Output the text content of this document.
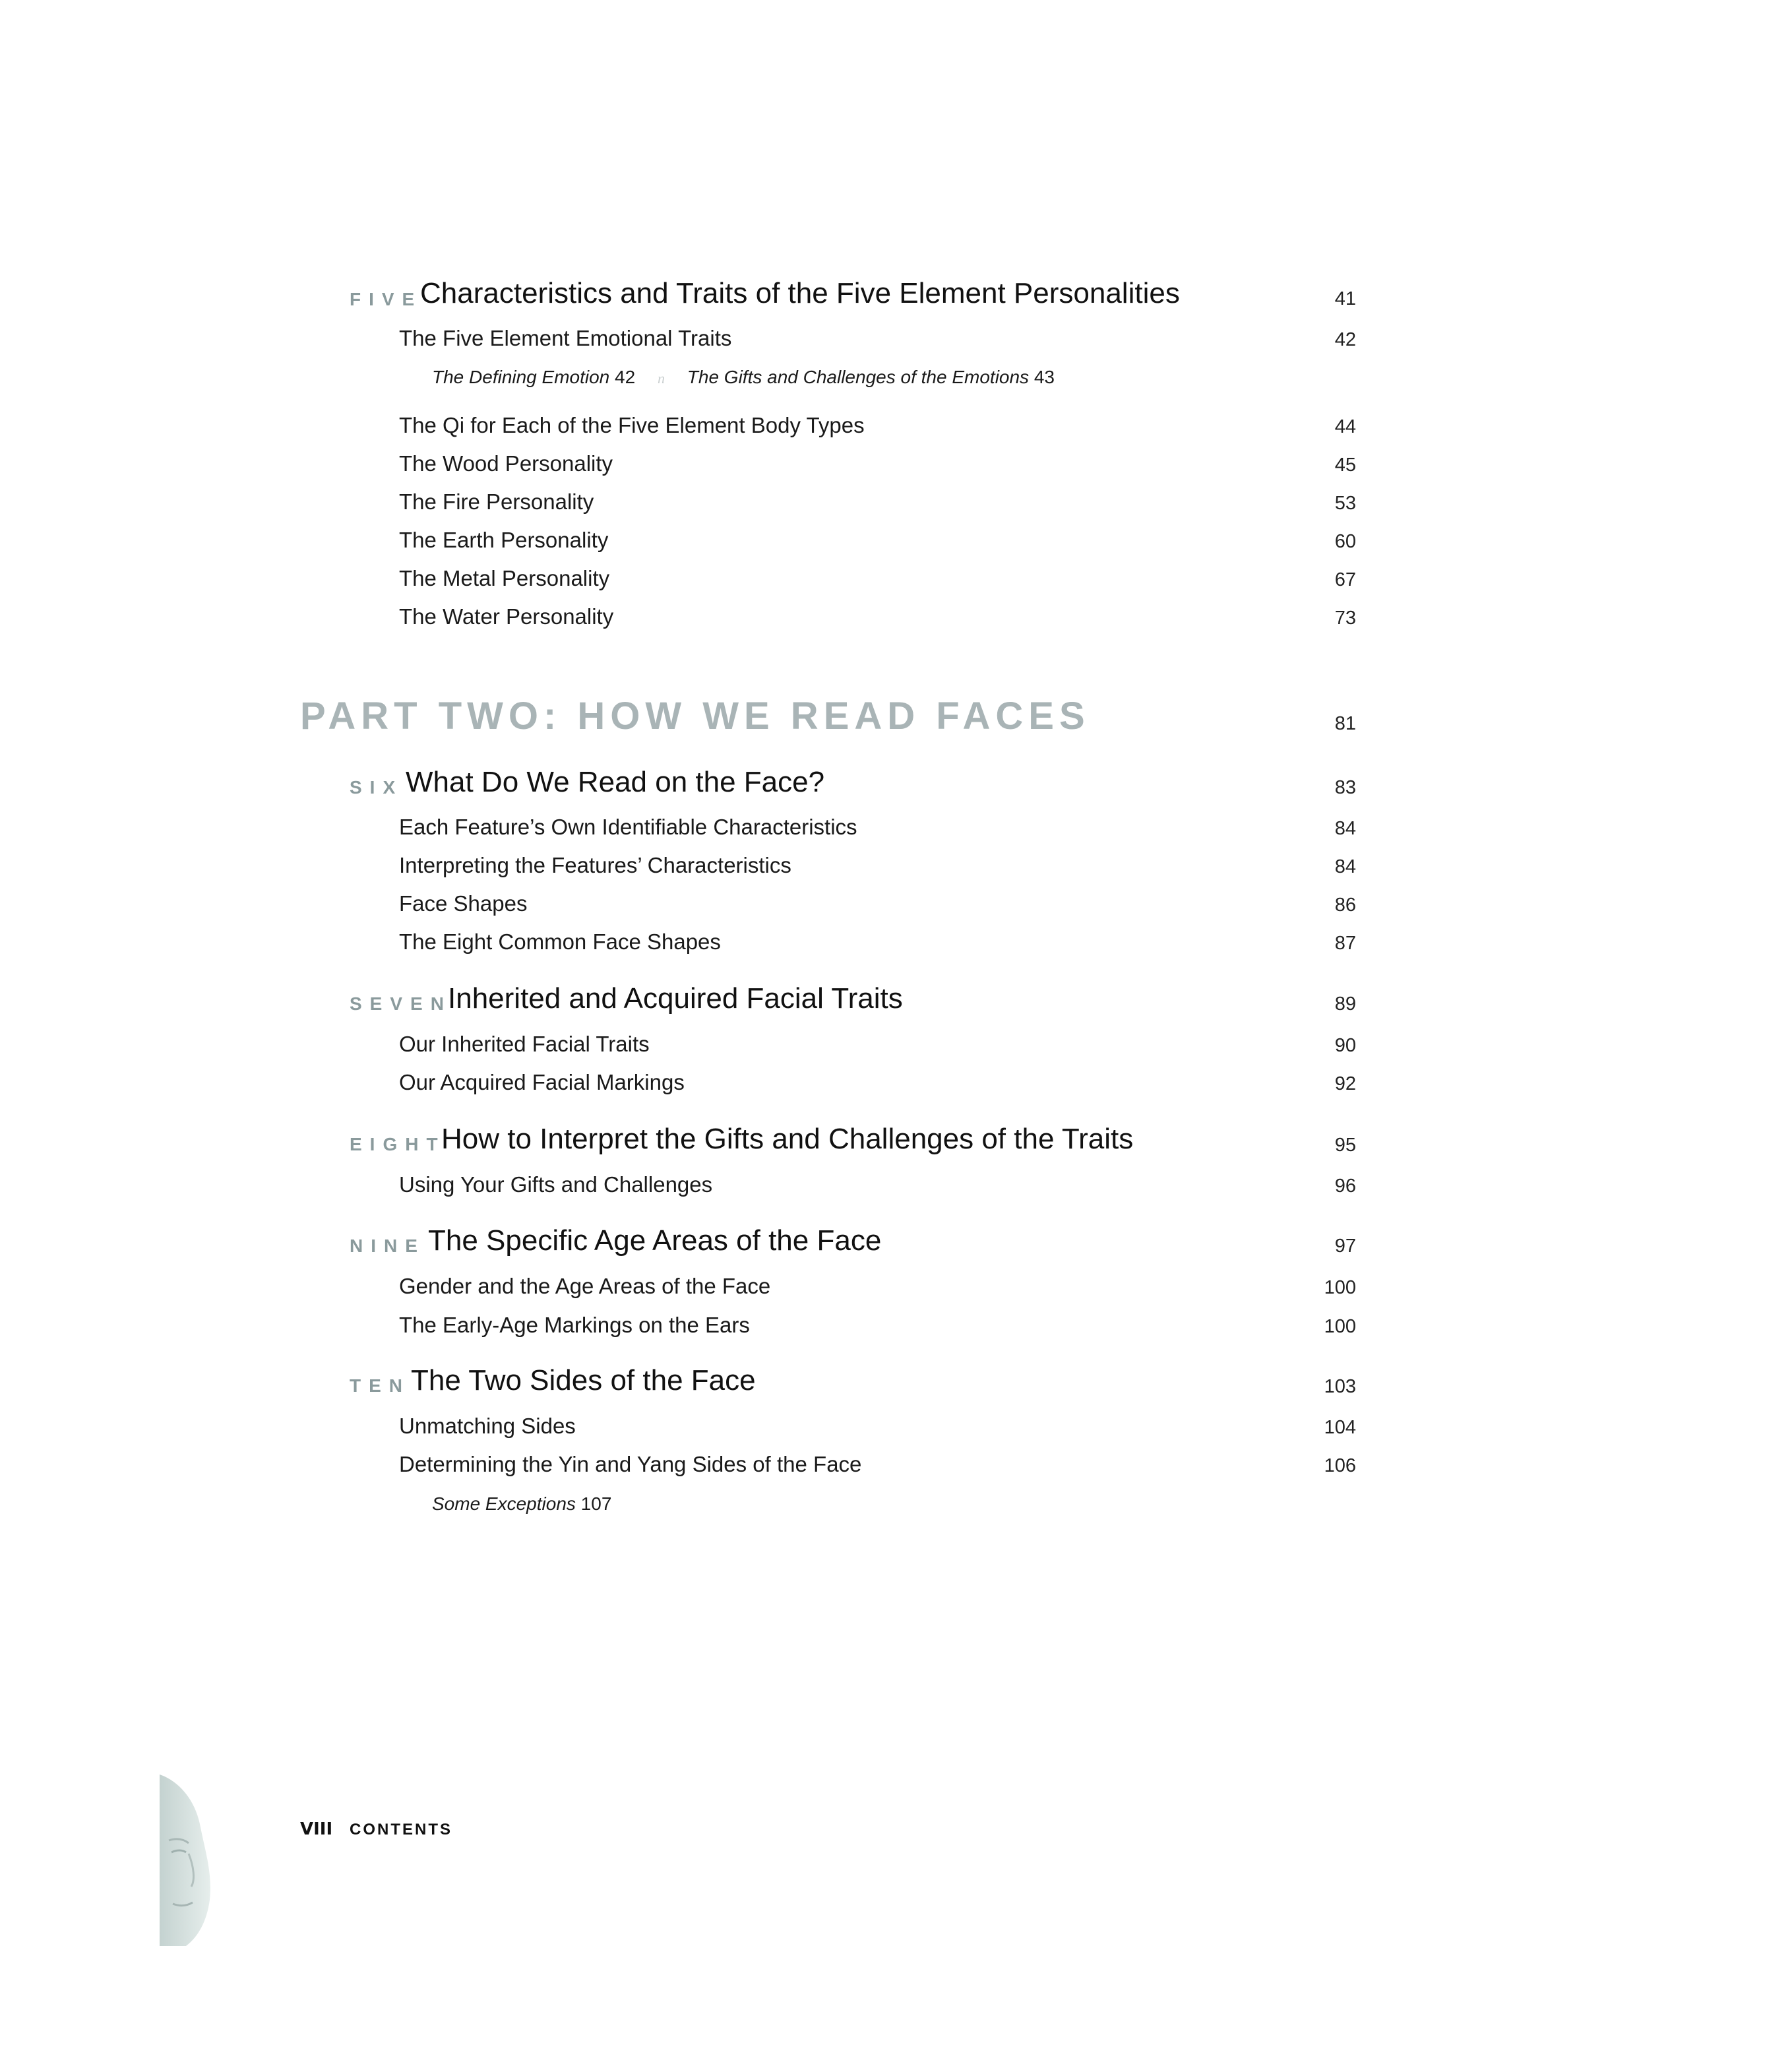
FIVE
Characteristics and Traits of the Five Element Personalities	41
The Five Element Emotional Traits	42
The Defining Emotion 42 n The Gifts and Challenges of the Emotions 43
The Qi for Each of the Five Element Body Types	44
The Wood Personality	45
The Fire Personality	53
The Earth Personality	60
The Metal Personality	67
The Water Personality	73
PART TWO: HOW WE READ FACES	81
SIX What Do We Read on the Face?	83
Each Feature’s Own Identifiable Characteristics	84
Interpreting the Features’ Characteristics	84
Face Shapes	86
The Eight Common Face Shapes	87
SEVEN
Inherited and Acquired Facial Traits	89
Our Inherited Facial Traits	90
Our Acquired Facial Markings	92
EIGHT
How to Interpret the Gifts and Challenges of the Traits	95
Using Your Gifts and Challenges	96
NINE The Specific Age Areas of the Face	97
Gender and the Age Areas of the Face	100
The Early-Age Markings on the Ears	100
TEN The Two Sides of the Face	103
Unmatching Sides	104
Determining the Yin and Yang Sides of the Face	106
Some Exceptions 107
VIII CONTENTS
